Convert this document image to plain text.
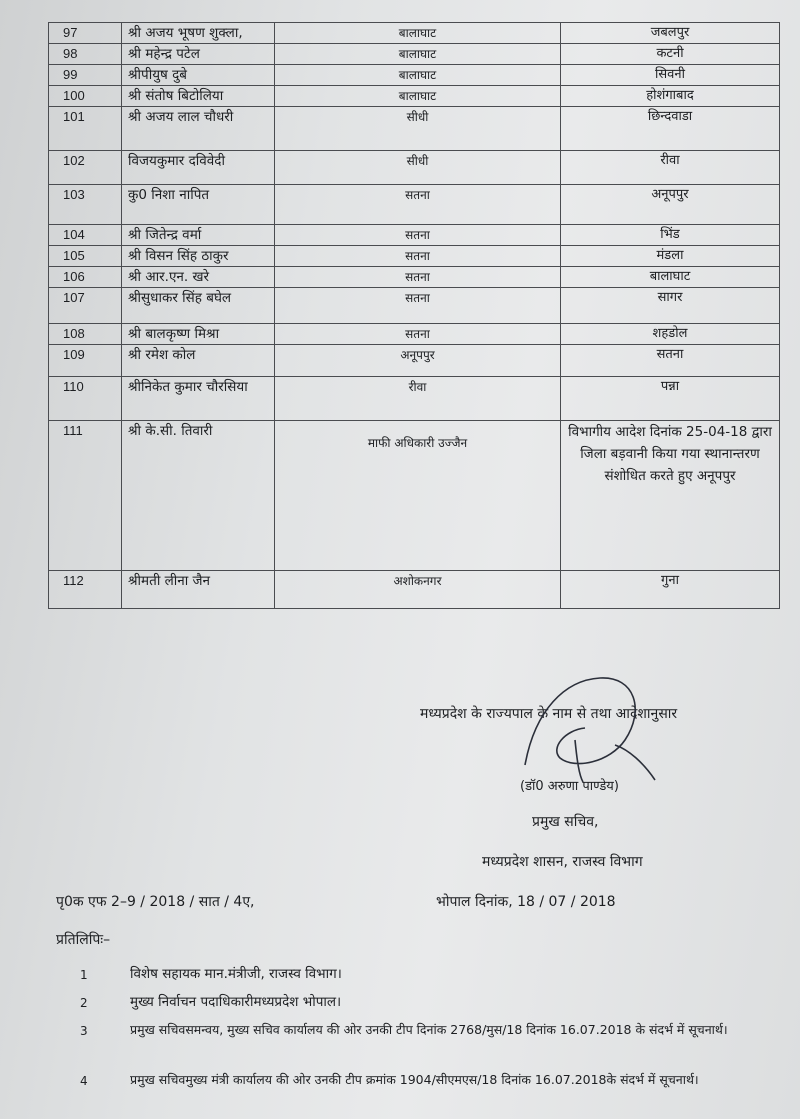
97	श्री अजय भूषण शुक्ला,	बालाघाट	जबलपुर
98	श्री महेन्द्र पटेल	बालाघाट	कटनी
99	श्रीपीयुष दुबे	बालाघाट	सिवनी
100	श्री संतोष बिटोलिया	बालाघाट	होशंगाबाद
101	श्री अजय लाल चौधरी	सीधी	छिन्दवाडा
102	विजयकुमार दविवेदी	सीधी	रीवा
103	कु0 निशा नापित	सतना	अनूपपुर
104	श्री जितेन्द्र वर्मा	सतना	भिंड
105	श्री विसन सिंह ठाकुर	सतना	मंडला
106	श्री आर.एन. खरे	सतना	बालाघाट
107	श्रीसुधाकर सिंह बघेल	सतना	सागर
108	श्री बालकृष्ण मिश्रा	सतना	शहडोल
109	श्री रमेश कोल	अनूपपुर	सतना
110	श्रीनिकेत कुमार चौरसिया	रीवा	पन्ना
111	श्री के.सी. तिवारी	माफी अधिकारी उज्जैन	विभागीय आदेश दिनांक 25-04-18 द्वारा जिला बड़वानी किया गया स्थानान्तरण संशोधित करते हुए अनूपपुर
112	श्रीमती लीना जैन	अशोकनगर	गुना
मध्यप्रदेश के राज्यपाल के नाम से तथा आदेशानुसार
(डॉ0 अरुणा पाण्डेय)
प्रमुख सचिव,
मध्यप्रदेश शासन, राजस्व विभाग
पृ0क एफ 2–9 / 2018 / सात / 4ए,	भोपाल दिनांक, 18 / 07 / 2018
प्रतिलिपिः–
1	विशेष सहायक मान.मंत्रीजी, राजस्व विभाग।
2	मुख्य निर्वाचन पदाधिकारीमध्यप्रदेश भोपाल।
3	प्रमुख सचिवसमन्वय, मुख्य सचिव कार्यालय की ओर उनकी टीप दिनांक 2768/मुस/18 दिनांक 16.07.2018 के संदर्भ में सूचनार्थ।
4	प्रमुख सचिवमुख्य मंत्री कार्यालय की ओर उनकी टीप क्रमांक 1904/सीएमएस/18 दिनांक 16.07.2018के संदर्भ में सूचनार्थ।
